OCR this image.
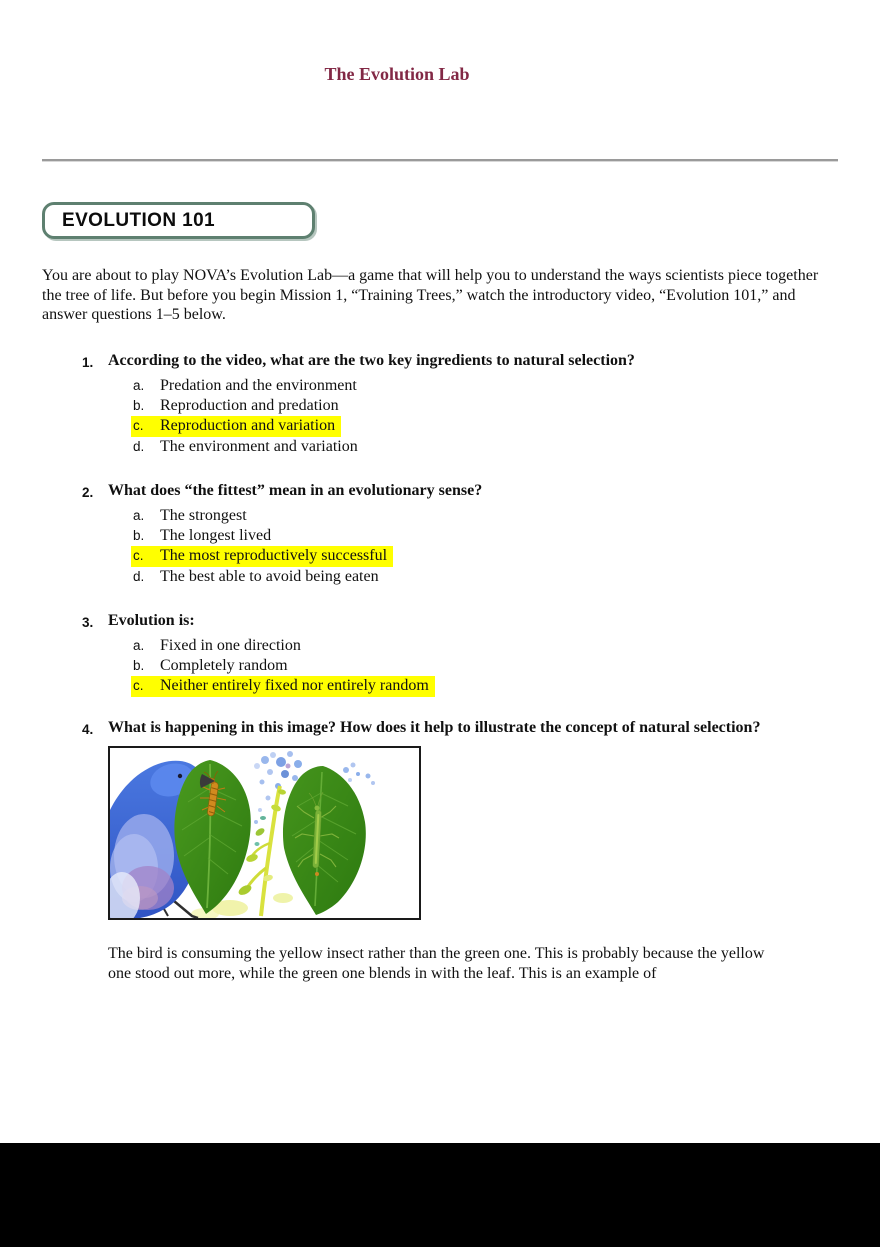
The Evolution Lab
EVOLUTION 101

You are about to play NOVA’s Evolution Lab—a game that will help you to understand the ways scientists piece together the tree of life. But before you begin Mission 1, “Training Trees,” watch the introductory video, “Evolution 101,” and answer questions 1–5 below.

1. According to the video, what are the two key ingredients to natural selection?
a. Predation and the environment
b. Reproduction and predation
c. Reproduction and variation
d. The environment and variation
2. What does “the fittest” mean in an evolutionary sense?
a. The strongest
b. The longest lived
c. The most reproductively successful
d. The best able to avoid being eaten
3. Evolution is:
a. Fixed in one direction
b. Completely random
c. Neither entirely fixed nor entirely random
4. What is happening in this image? How does it help to illustrate the concept of natural selection?

The bird is consuming the yellow insect rather than the green one. This is probably because the yellow one stood out more, while the green one blends in with the leaf. This is an example of
